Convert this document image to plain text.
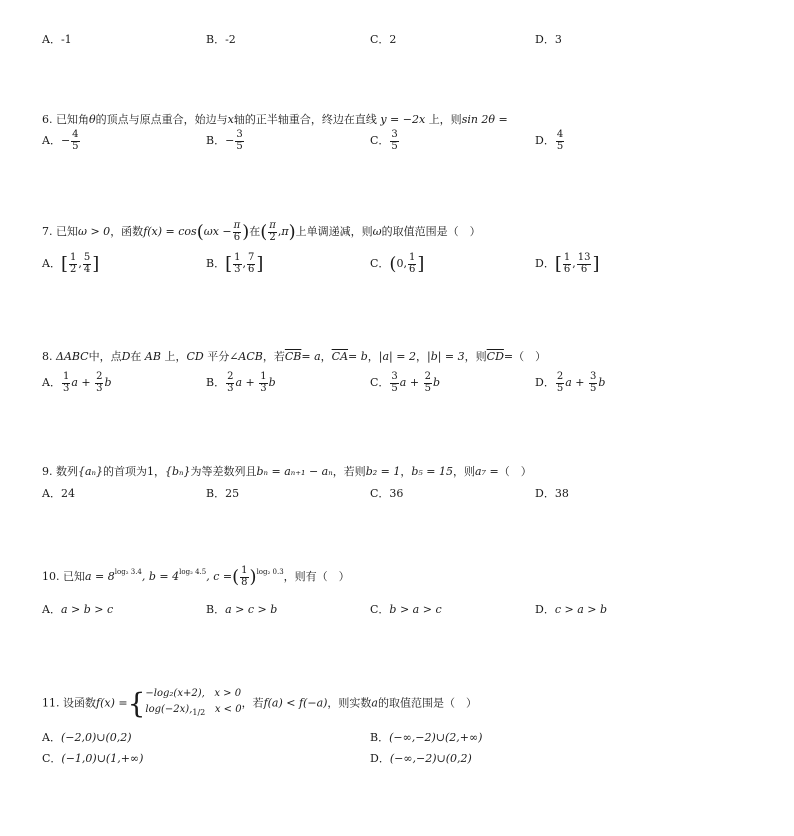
A．-1	B．-2	C．2	D．3
6. 已知角θ的顶点与原点重合，始边与x轴的正半轴重合，终边在直线 y = −2x 上，则sin 2θ =
A．− $\frac{4}{5}$	B．− $\frac{3}{5}$	C． $\frac{3}{5}$	D． $\frac{4}{5}$
7. 已知ω > 0，函数$f(x) = \cos(\omega x - \frac{\pi}{6}$ )在( $\frac{\pi}{2} ,\pi$)上单调递减，则ω的取值范围是（　）
A．[ $\frac{1}{2}$ , $\frac{5}{4}$ ]	B．[ $\frac{1}{3}$ , $\frac{7}{6}$ ]	C．(0, $\frac{1}{6}$ ]	D．[ $\frac{1}{6}$ , $\frac{13}{6}$ ]
8. ΔABC中，点D在 AB 上，CD 平分∠ACB，若$\overline{CB}= a$，$\overline{CA}= b$，|a| = 2，|b| = 3，则$\overline{CD}=$（　）
A． $\frac{1}{3}$ $a + \frac{2}{3}$ b	B． $\frac{2}{3}$ $a + \frac{1}{3}$ b	C． $\frac{3}{5}$ $a + \frac{2}{5}$ b	D． $\frac{2}{5}$ $a + \frac{3}{5}$ b
9. 数列{aₙ}的首项为1，{bₙ}为等差数列且bₙ = aₙ₊₁ − aₙ，若则b₂ = 1，b₅ = 15，则a₇ =（　）
A．24	B．25	C．36	D．38
10. 已知$a = 8^{log_2 3.4}$, $b = 4^{log_2 4.5}$, c =( $\frac{1}{8} )^{log_2 0.3}$，则有（　）
A．a > b > c	B．a > c > b	C．b > a > c	D．c > a > b
11. 设函数f(x) ={ −log₂(x+2), x > 0
$\log(-2x),_{1/2}$ x < 0 ，若f(a) < f(−a)，则实数a的取值范围是（　）
A．(−2,0)∪(0,2)	B．(−∞,−2)∪(2,+∞)
C．(−1,0)∪(1,+∞)	D．(−∞,−2)∪(0,2)
